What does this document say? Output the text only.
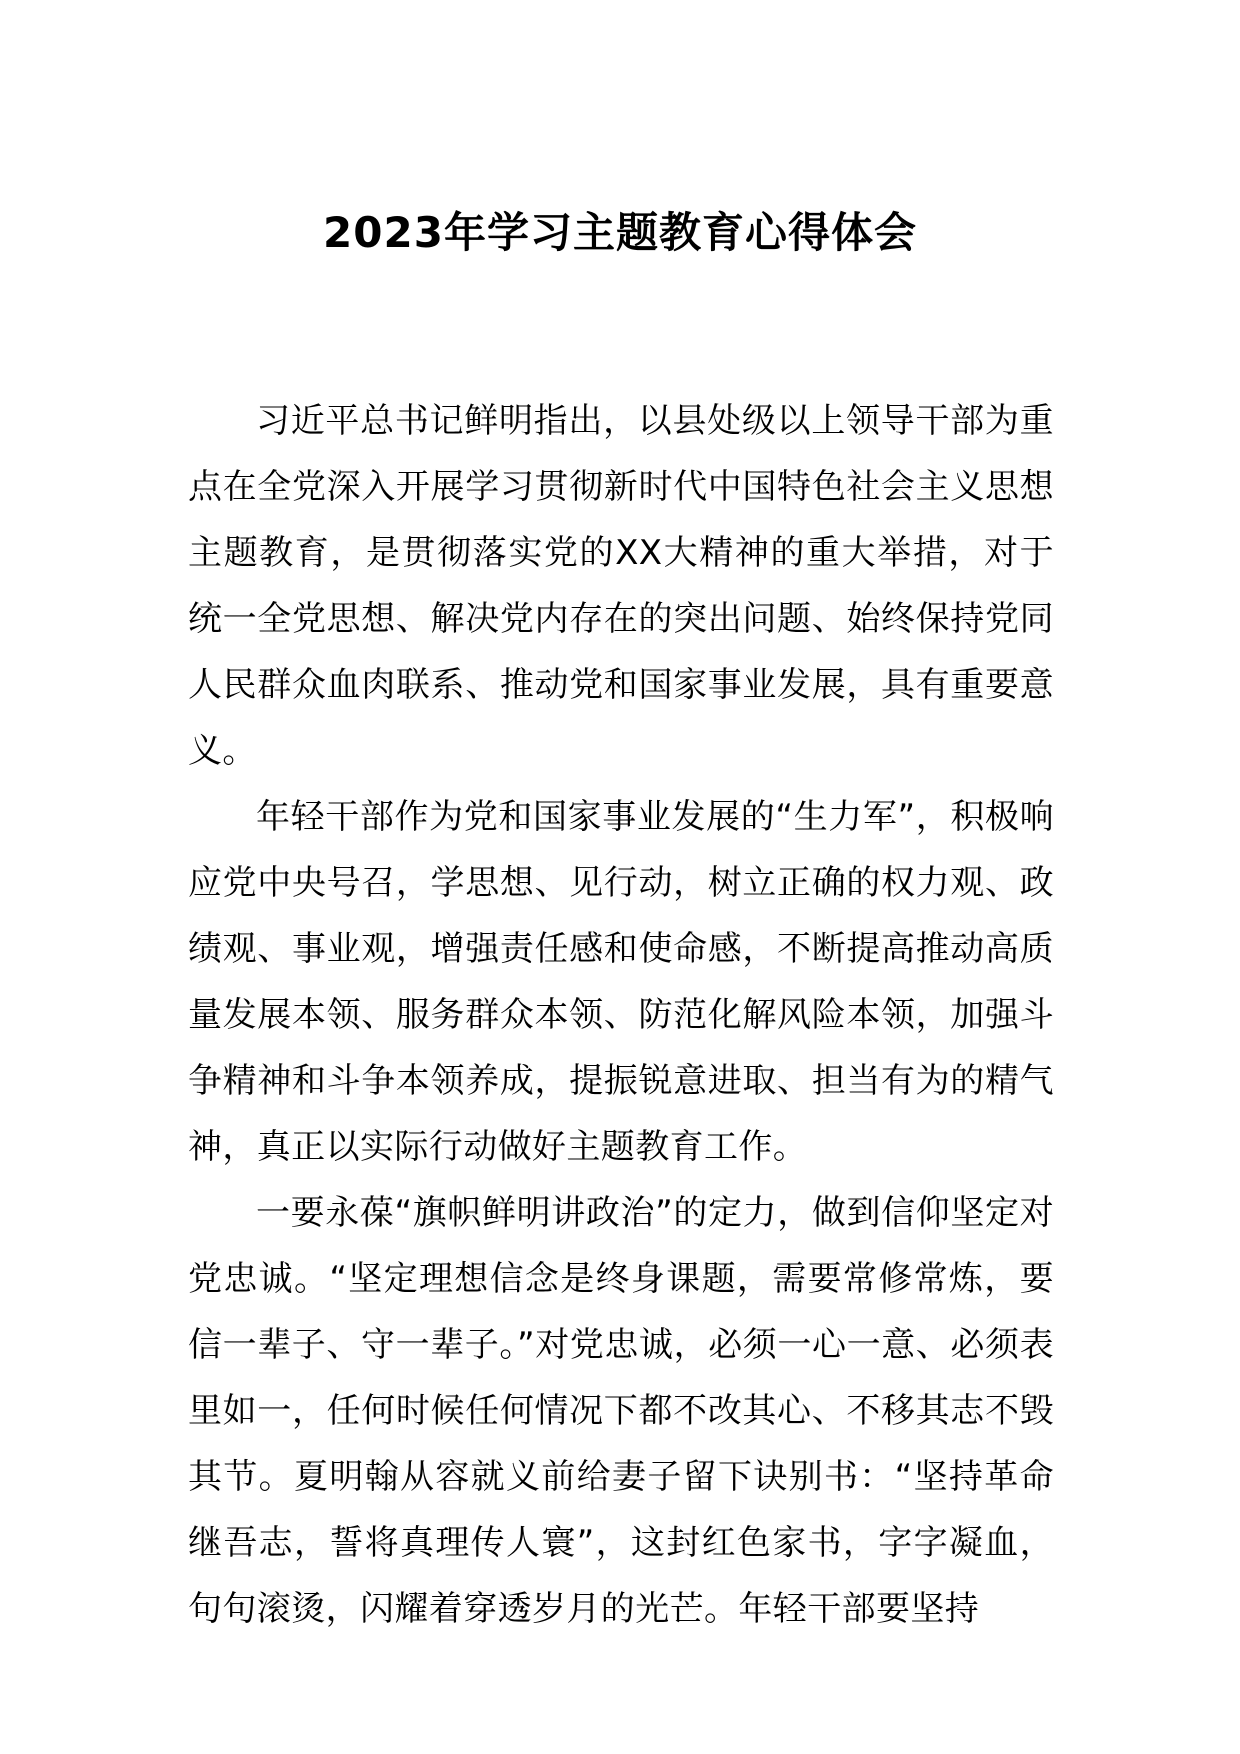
2023年学习主题教育心得体会

习近平总书记鲜明指出，以县处级以上领导干部为重点在全党深入开展学习贯彻新时代中国特色社会主义思想主题教育，是贯彻落实党的XX大精神的重大举措，对于统一全党思想、解决党内存在的突出问题、始终保持党同人民群众血肉联系、推动党和国家事业发展，具有重要意义。

年轻干部作为党和国家事业发展的“生力军”，积极响应党中央号召，学思想、见行动，树立正确的权力观、政绩观、事业观，增强责任感和使命感，不断提高推动高质量发展本领、服务群众本领、防范化解风险本领，加强斗争精神和斗争本领养成，提振锐意进取、担当有为的精气神，真正以实际行动做好主题教育工作。

一要永葆“旗帜鲜明讲政治”的定力，做到信仰坚定对党忠诚。“坚定理想信念是终身课题，需要常修常炼，要信一辈子、守一辈子。”对党忠诚，必须一心一意、必须表里如一，任何时候任何情况下都不改其心、不移其志不毁其节。夏明翰从容就义前给妻子留下诀别书：“坚持革命继吾志，誓将真理传人寰”，这封红色家书，字字凝血，句句滚烫，闪耀着穿透岁月的光芒。年轻干部要坚持
